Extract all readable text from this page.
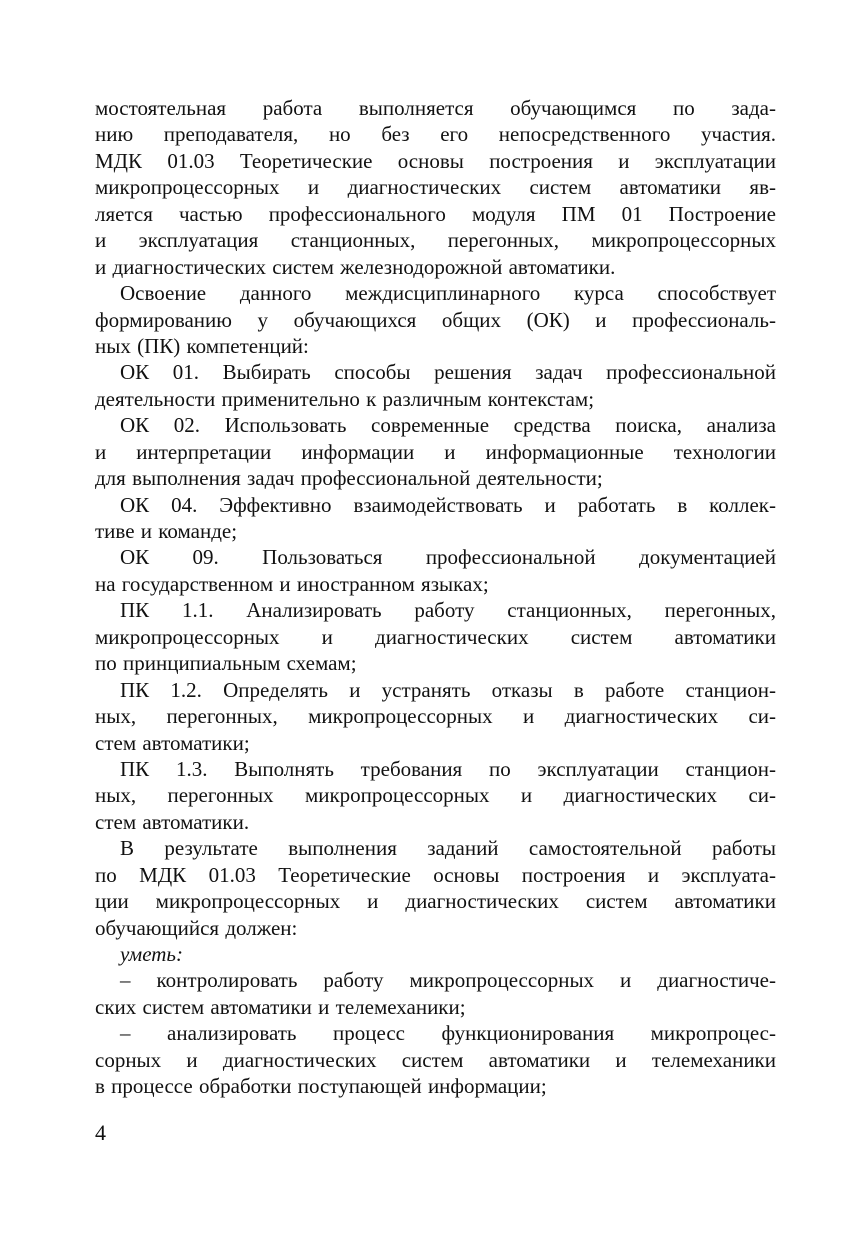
мостоятельная работа выполняется обучающимся по зада-
нию преподавателя, но без его непосредственного участия.
МДК 01.03 Теоретические основы построения и эксплуатации
микропроцессорных и диагностических систем автоматики яв-
ляется частью профессионального модуля ПМ 01 Построение
и эксплуатация станционных, перегонных, микропроцессорных
и диагностических систем железнодорожной автоматики.
Освоение данного междисциплинарного курса способствует
формированию у обучающихся общих (ОК) и профессиональ-
ных (ПК) компетенций:
ОК 01. Выбирать способы решения задач профессиональной
деятельности применительно к различным контекстам;
ОК 02. Использовать современные средства поиска, анализа
и интерпретации информации и информационные технологии
для выполнения задач профессиональной деятельности;
ОК 04. Эффективно взаимодействовать и работать в коллек-
тиве и команде;
ОК 09. Пользоваться профессиональной документацией
на государственном и иностранном языках;
ПК 1.1. Анализировать работу станционных, перегонных,
микропроцессорных и диагностических систем автоматики
по принципиальным схемам;
ПК 1.2. Определять и устранять отказы в работе станцион-
ных, перегонных, микропроцессорных и диагностических си-
стем автоматики;
ПК 1.3. Выполнять требования по эксплуатации станцион-
ных, перегонных микропроцессорных и диагностических си-
стем автоматики.
В результате выполнения заданий самостоятельной работы
по МДК 01.03 Теоретические основы построения и эксплуата-
ции микропроцессорных и диагностических систем автоматики
обучающийся должен:
уметь:
– контролировать работу микропроцессорных и диагностиче-
ских систем автоматики и телемеханики;
– анализировать процесс функционирования микропроцес-
сорных и диагностических систем автоматики и телемеханики
в процессе обработки поступающей информации;
4
